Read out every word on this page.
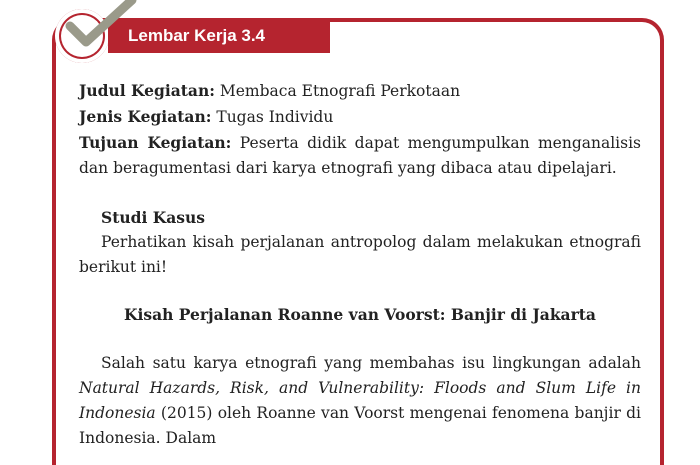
Lembar Kerja 3.4

Judul Kegiatan: Membaca Etnografi Perkotaan

Jenis Kegiatan: Tugas Individu

Tujuan Kegiatan: Peserta didik dapat mengumpulkan menganalisis dan beragumentasi dari karya etnografi yang dibaca atau dipelajari.

Studi Kasus

Perhatikan kisah perjalanan antropolog dalam melakukan etnografi berikut ini!

Kisah Perjalanan Roanne van Voorst: Banjir di Jakarta

Salah satu karya etnografi yang membahas isu lingkungan adalah Natural Hazards, Risk, and Vulnerability: Floods and Slum Life in Indonesia (2015) oleh Roanne van Voorst mengenai fenomena banjir di Indonesia. Dalam
